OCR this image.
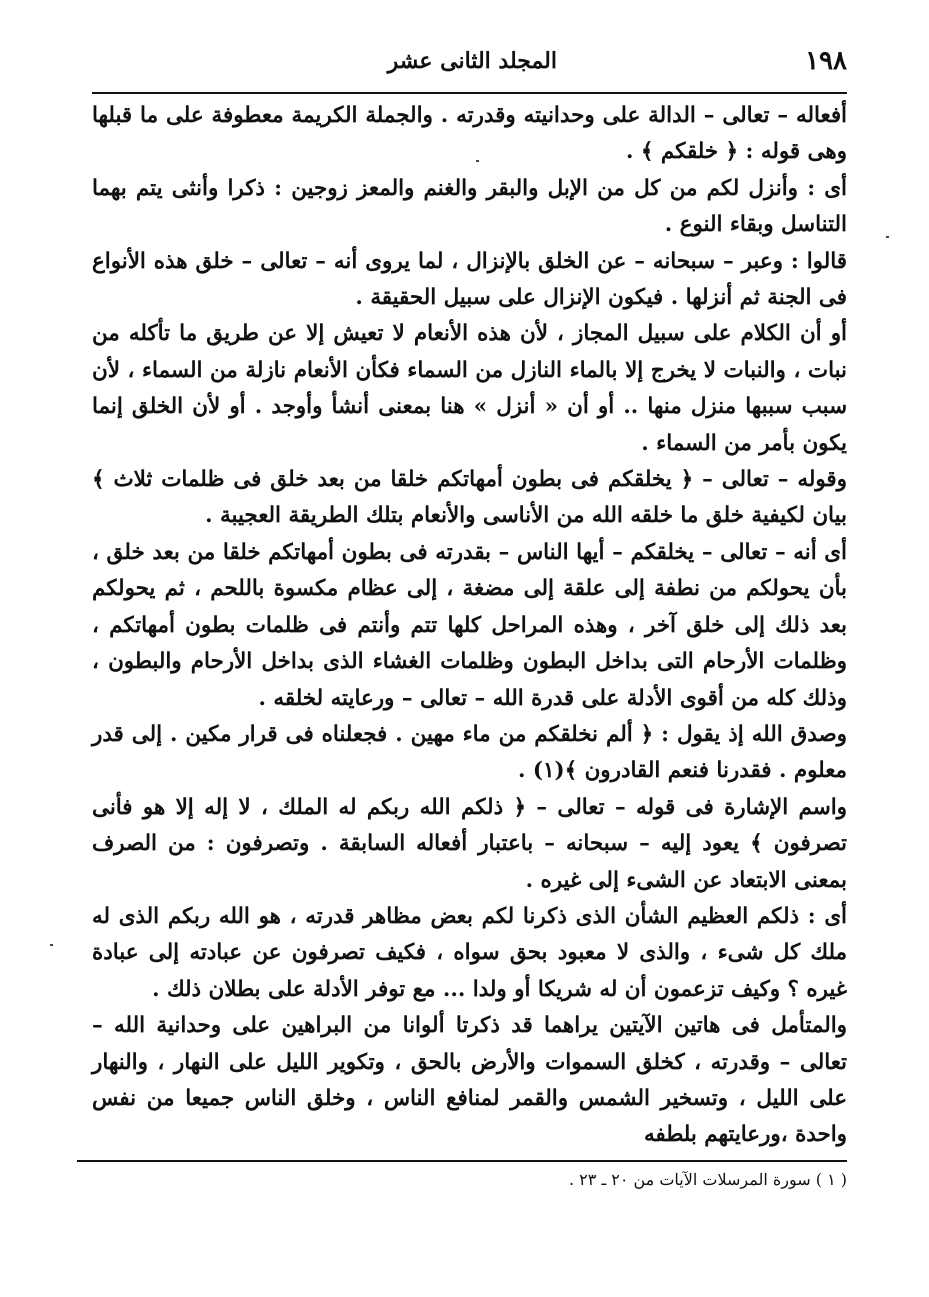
١٩٨
المجلد الثانى عشر

أفعاله – تعالى – الدالة على وحدانيته وقدرته . والجملة الكريمة معطوفة على ما قبلها وهى قوله : ﴿ خلقكم ﴾ .

أى : وأنزل لكم من كل من الإبل والبقر والغنم والمعز زوجين : ذكرا وأنثى يتم بهما التناسل وبقاء النوع .

قالوا : وعبر – سبحانه – عن الخلق بالإنزال ، لما يروى أنه – تعالى – خلق هذه الأنواع فى الجنة ثم أنزلها . فيكون الإنزال على سبيل الحقيقة .

أو أن الكلام على سبيل المجاز ، لأن هذه الأنعام لا تعيش إلا عن طريق ما تأكله من نبات ، والنبات لا يخرج إلا بالماء النازل من السماء فكأن الأنعام نازلة من السماء ، لأن سبب سببها منزل منها .. أو أن « أنزل » هنا بمعنى أنشأ وأوجد . أو لأن الخلق إنما يكون بأمر من السماء .

وقوله – تعالى – ﴿ يخلقكم فى بطون أمهاتكم خلقا من بعد خلق فى ظلمات ثلاث ﴾ بيان لكيفية خلق ما خلقه الله من الأناسى والأنعام بتلك الطريقة العجيبة .

أى أنه – تعالى – يخلقكم – أيها الناس – بقدرته فى بطون أمهاتكم خلقا من بعد خلق ، بأن يحولكم من نطفة إلى علقة إلى مضغة ، إلى عظام مكسوة باللحم ، ثم يحولكم بعد ذلك إلى خلق آخر ، وهذه المراحل كلها تتم وأنتم فى ظلمات بطون أمهاتكم ، وظلمات الأرحام التى بداخل البطون وظلمات الغشاء الذى بداخل الأرحام والبطون ، وذلك كله من أقوى الأدلة على قدرة الله – تعالى – ورعايته لخلقه .

وصدق الله إذ يقول : ﴿ ألم نخلقكم من ماء مهين . فجعلناه فى قرار مكين . إلى قدر معلوم . فقدرنا فنعم القادرون ﴾(١) .

واسم الإشارة فى قوله – تعالى – ﴿ ذلكم الله ربكم له الملك ، لا إله إلا هو فأنى تصرفون ﴾ يعود إليه – سبحانه – باعتبار أفعاله السابقة . وتصرفون : من الصرف بمعنى الابتعاد عن الشىء إلى غيره .

أى : ذلكم العظيم الشأن الذى ذكرنا لكم بعض مظاهر قدرته ، هو الله ربكم الذى له ملك كل شىء ، والذى لا معبود بحق سواه ، فكيف تصرفون عن عبادته إلى عبادة غيره ؟ وكيف تزعمون أن له شريكا أو ولدا ... مع توفر الأدلة على بطلان ذلك .

والمتأمل فى هاتين الآيتين يراهما قد ذكرتا ألوانا من البراهين على وحدانية الله – تعالى – وقدرته ، كخلق السموات والأرض بالحق ، وتكوير الليل على النهار ، والنهار على الليل ، وتسخير الشمس والقمر لمنافع الناس ، وخلق الناس جميعا من نفس واحدة ،ورعايتهم بلطفه

( ١ ) سورة المرسلات الآيات من ٢٠ ـ ٢٣ .
